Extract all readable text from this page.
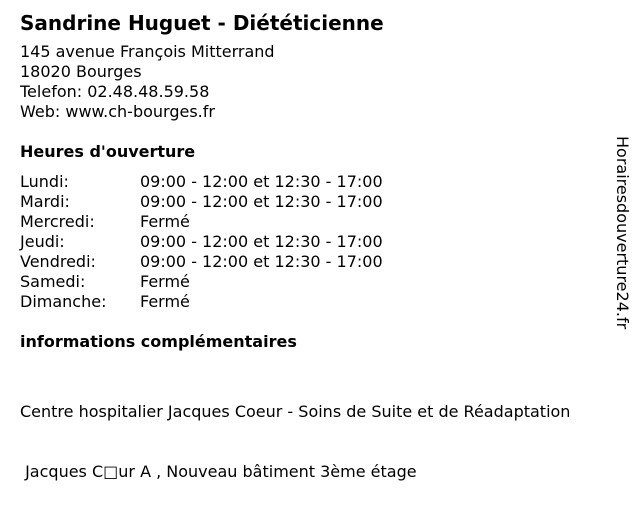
Sandrine Huguet - Diététicienne
145 avenue François Mitterrand
18020 Bourges
Telefon: 02.48.48.59.58
Web: www.ch-bourges.fr
Heures d'ouverture
Lundi:	09:00 - 12:00 et 12:30 - 17:00
Mardi:	09:00 - 12:00 et 12:30 - 17:00
Mercredi:	Fermé
Jeudi:	09:00 - 12:00 et 12:30 - 17:00
Vendredi:	09:00 - 12:00 et 12:30 - 17:00
Samedi:	Fermé
Dimanche:	Fermé
informations complémentaires

Centre hospitalier Jacques Coeur - Soins de Suite et de Réadaptation

Jacques C□ur A , Nouveau bâtiment 3ème étage

Horairesdouverture24.fr
